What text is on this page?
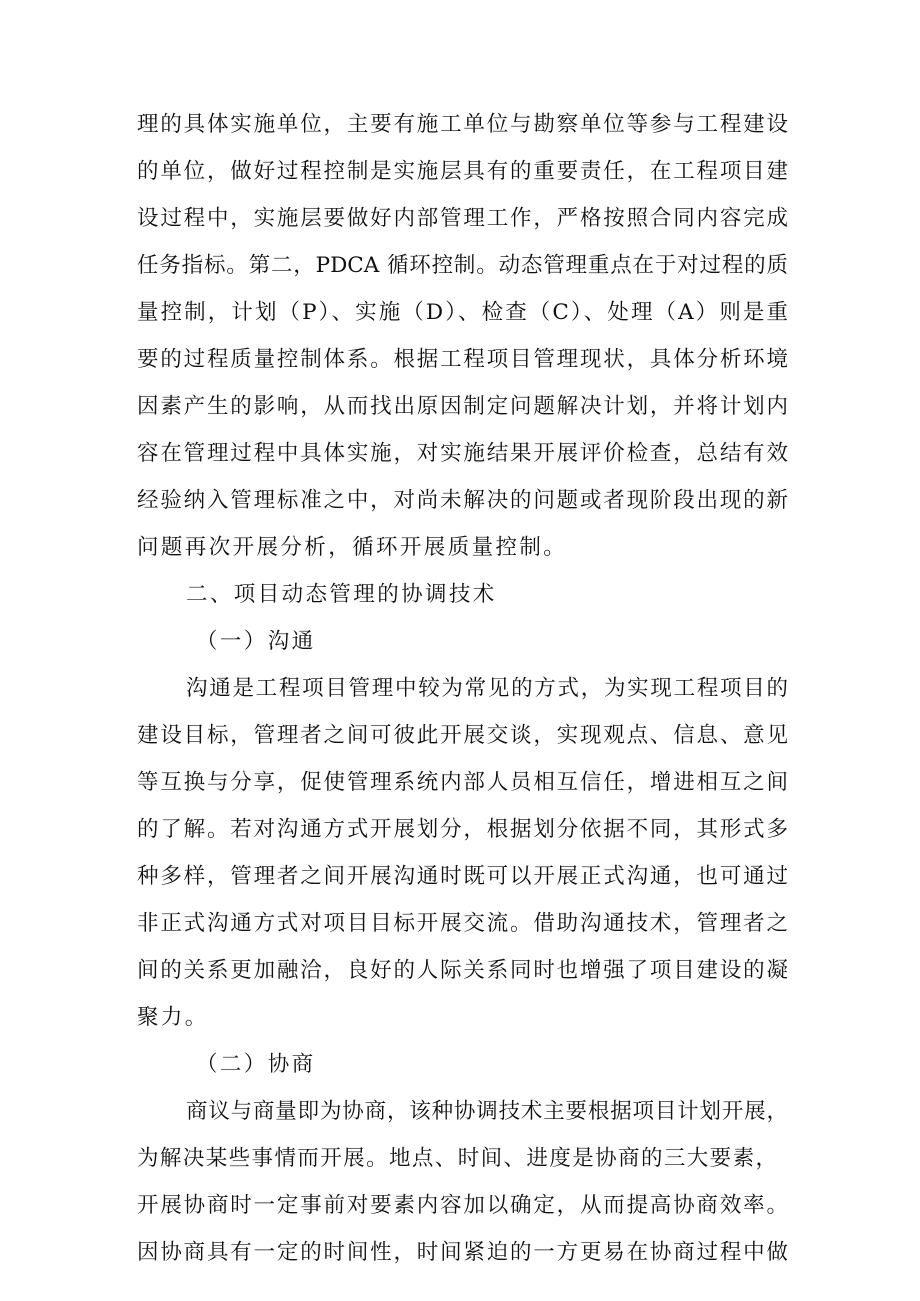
理的具体实施单位，主要有施工单位与勘察单位等参与工程建设
的单位，做好过程控制是实施层具有的重要责任，在工程项目建
设过程中，实施层要做好内部管理工作，严格按照合同内容完成
任务指标。第二，PDCA 循环控制。动态管理重点在于对过程的质
量控制，计划（P）、实施（D）、检查（C）、处理（A）则是重
要的过程质量控制体系。根据工程项目管理现状，具体分析环境
因素产生的影响，从而找出原因制定问题解决计划，并将计划内
容在管理过程中具体实施，对实施结果开展评价检查，总结有效
经验纳入管理标准之中，对尚未解决的问题或者现阶段出现的新
问题再次开展分析，循环开展质量控制。
二、项目动态管理的协调技术
（一）沟通
沟通是工程项目管理中较为常见的方式，为实现工程项目的
建设目标，管理者之间可彼此开展交谈，实现观点、信息、意见
等互换与分享，促使管理系统内部人员相互信任，增进相互之间
的了解。若对沟通方式开展划分，根据划分依据不同，其形式多
种多样，管理者之间开展沟通时既可以开展正式沟通，也可通过
非正式沟通方式对项目目标开展交流。借助沟通技术，管理者之
间的关系更加融洽，良好的人际关系同时也增强了项目建设的凝
聚力。
（二）协商
商议与商量即为协商，该种协调技术主要根据项目计划开展，
为解决某些事情而开展。地点、时间、进度是协商的三大要素，
开展协商时一定事前对要素内容加以确定，从而提高协商效率。
因协商具有一定的时间性，时间紧迫的一方更易在协商过程中做
